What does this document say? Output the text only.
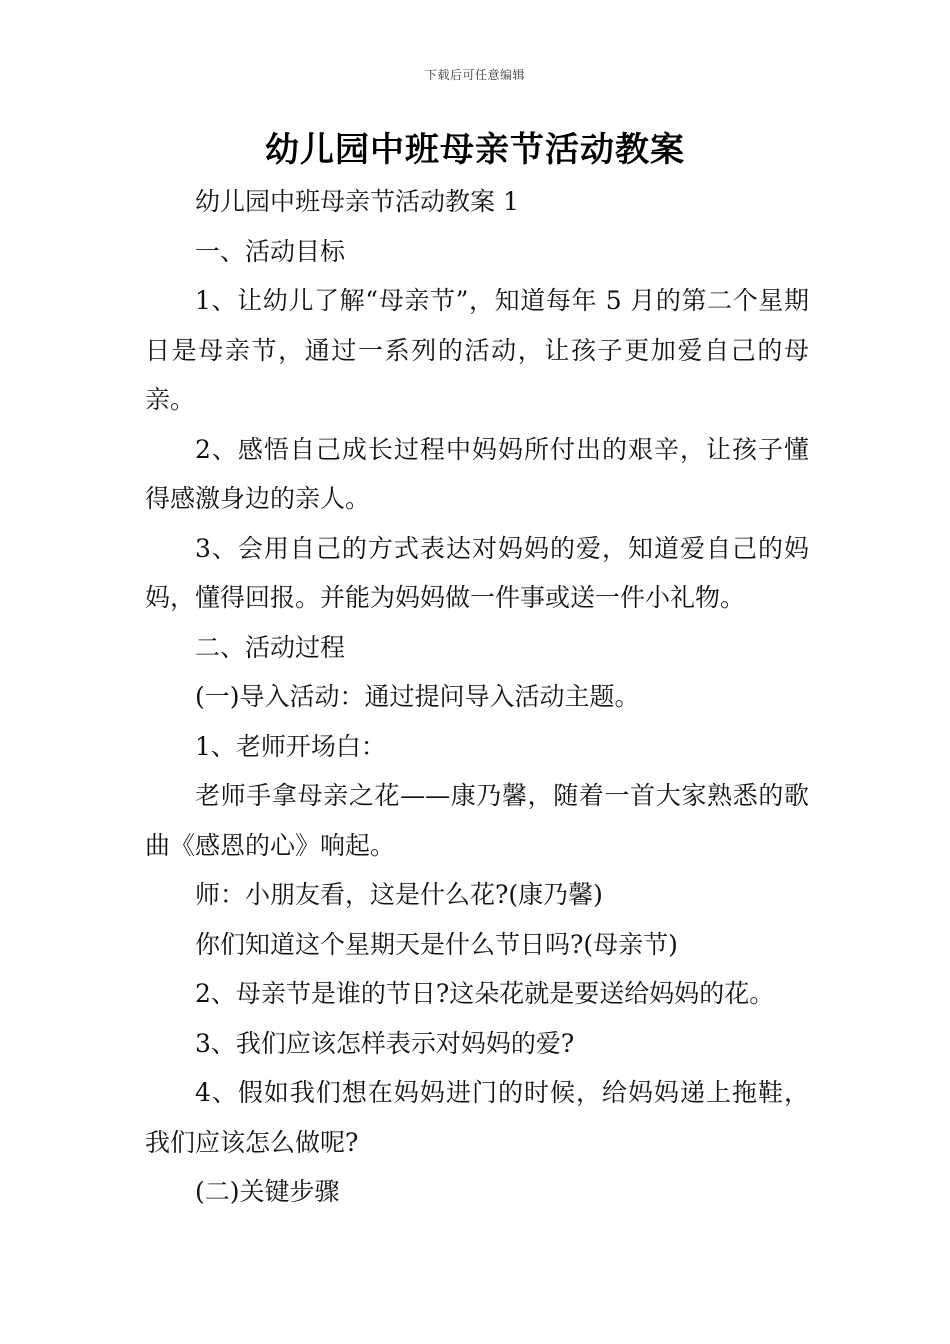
下载后可任意编辑
幼儿园中班母亲节活动教案

幼儿园中班母亲节活动教案 1

一、活动目标

1、让幼儿了解“母亲节”，知道每年 5 月的第二个星期日是母亲节，通过一系列的活动，让孩子更加爱自己的母亲。

2、感悟自己成长过程中妈妈所付出的艰辛，让孩子懂得感激身边的亲人。

3、会用自己的方式表达对妈妈的爱，知道爱自己的妈妈，懂得回报。并能为妈妈做一件事或送一件小礼物。

二、活动过程

(一)导入活动：通过提问导入活动主题。

1、老师开场白：

老师手拿母亲之花——康乃馨，随着一首大家熟悉的歌曲《感恩的心》响起。

师：小朋友看，这是什么花?(康乃馨)

你们知道这个星期天是什么节日吗?(母亲节)

2、母亲节是谁的节日?这朵花就是要送给妈妈的花。

3、我们应该怎样表示对妈妈的爱?

4、假如我们想在妈妈进门的时候，给妈妈递上拖鞋，我们应该怎么做呢?

(二)关键步骤
